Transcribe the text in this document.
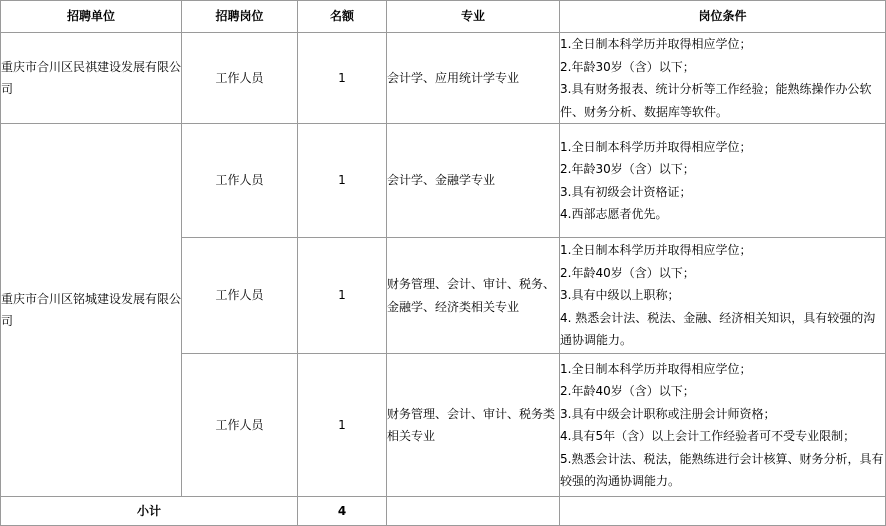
招聘单位	招聘岗位	名额	专业	岗位条件
重庆市合川区民祺建设发展有限公司	工作人员	1	会计学、应用统计学专业	1.全日制本科学历并取得相应学位；
2.年龄30岁（含）以下；
3.具有财务报表、统计分析等工作经验；能熟练操作办公软件、财务分析、数据库等软件。

重庆市合川区铭城建设发展有限公司	工作人员	1	会计学、金融学专业	1.全日制本科学历并取得相应学位；
2.年龄30岁（含）以下；
3.具有初级会计资格证；
4.西部志愿者优先。

	工作人员	1	财务管理、会计、审计、税务、金融学、经济类相关专业	1.全日制本科学历并取得相应学位；
2.年龄40岁（含）以下；
3.具有中级以上职称；
4. 熟悉会计法、税法、金融、经济相关知识，具有较强的沟通协调能力。

	工作人员	1	财务管理、会计、审计、税务类相关专业	1.全日制本科学历并取得相应学位；
2.年龄40岁（含）以下；
3.具有中级会计职称或注册会计师资格；
4.具有5年（含）以上会计工作经验者可不受专业限制；
5.熟悉会计法、税法，能熟练进行会计核算、财务分析，具有较强的沟通协调能力。

小计		4		
